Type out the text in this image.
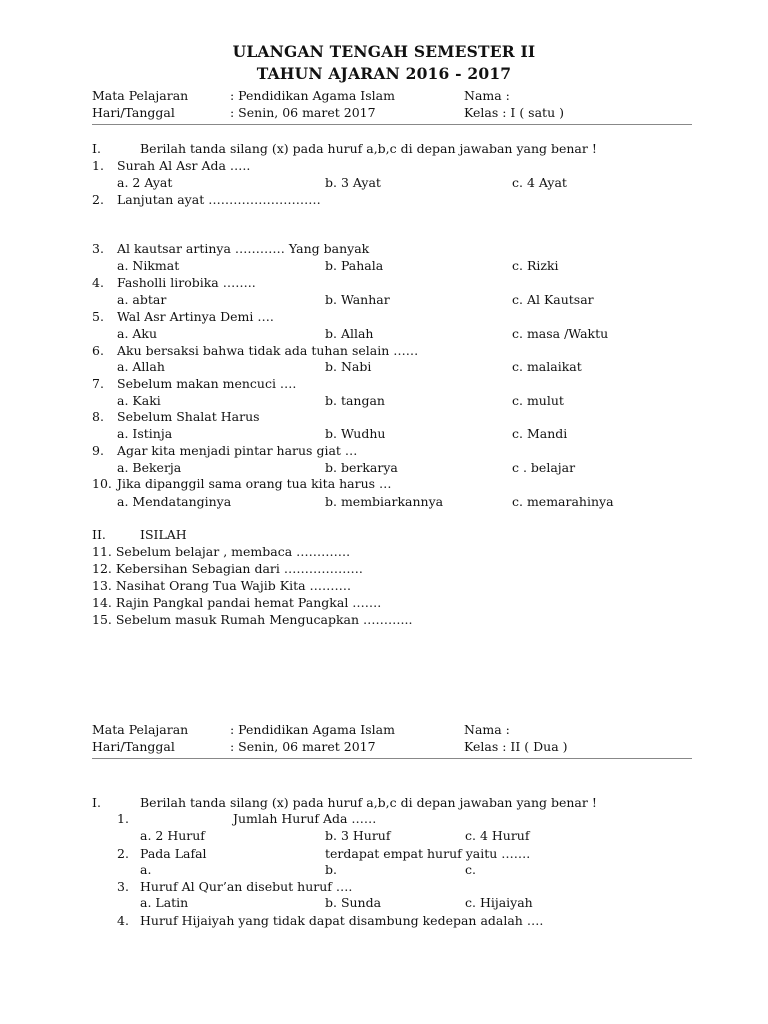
ULANGAN TENGAH SEMESTER II
TAHUN AJARAN 2016 - 2017
Mata Pelajaran	: Pendidikan Agama Islam	Nama :
Hari/Tanggal	: Senin, 06 maret 2017	Kelas : I ( satu )
I.	Berilah tanda silang (x) pada huruf a,b,c di depan jawaban yang benar !
1. Surah Al Asr Ada …..
a. 2 Ayat	b. 3 Ayat	c. 4 Ayat
2. Lanjutan ayat ………………………
3. Al kautsar artinya ………… Yang banyak
a. Nikmat	b. Pahala	c. Rizki
4. Fasholli lirobika ……..
a. abtar	b. Wanhar	c. Al Kautsar
5. Wal Asr Artinya Demi ….
a. Aku	b. Allah	c. masa /Waktu
6. Aku bersaksi bahwa tidak ada tuhan selain ……
a. Allah	b. Nabi	c. malaikat
7. Sebelum makan mencuci ….
a. Kaki	b. tangan	c. mulut
8. Sebelum Shalat Harus
a. Istinja	b. Wudhu	c. Mandi
9. Agar kita menjadi pintar harus giat …
a. Bekerja	b. berkarya	c . belajar
10. Jika dipanggil sama orang tua kita harus …
a. Mendatanginya	b. membiarkannya	c. memarahinya
II.	ISILAH
11. Sebelum belajar , membaca ………….
12. Kebersihan Sebagian dari ……………….
13. Nasihat Orang Tua Wajib Kita ……….
14. Rajin Pangkal pandai hemat Pangkal …….
15. Sebelum masuk Rumah Mengucapkan ………...
Mata Pelajaran	: Pendidikan Agama Islam	Nama :
Hari/Tanggal	: Senin, 06 maret 2017	Kelas : II ( Dua )
I.	Berilah tanda silang (x) pada huruf a,b,c di depan jawaban yang benar !
1.	Jumlah Huruf Ada ……
a. 2 Huruf	b. 3 Huruf	c. 4 Huruf
2. Pada Lafal	terdapat empat huruf yaitu …….
a.	b.	c.
3. Huruf Al Qur’an disebut huruf ….
a. Latin	b. Sunda	c. Hijaiyah
4. Huruf Hijaiyah yang tidak dapat disambung kedepan adalah ….
